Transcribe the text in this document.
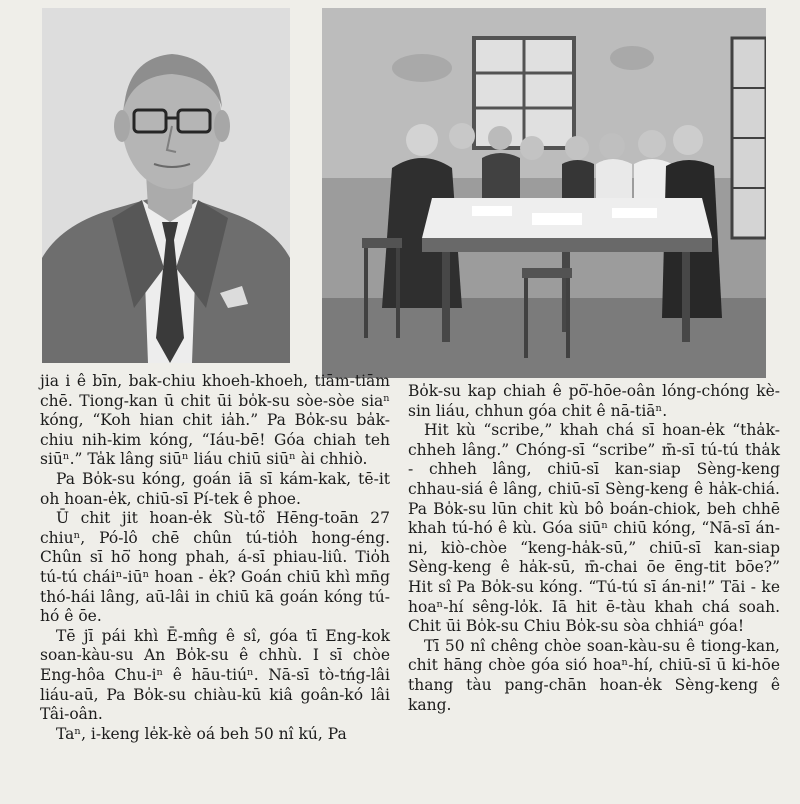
jia i ê bīn, bak-chiu khoeh-khoeh, tiām-tiām chē. Tiong-kan ū chit ūi bo̍k-su sòe-sòe siaⁿ kóng, “Koh hian chit ia̍h.” Pa Bo̍k-su ba̍k-chiu nih-kim kóng, “Iáu-bē! Góa chiah teh siūⁿ.” Ta̍k lâng siūⁿ liáu chiū siūⁿ ài chhiò.

Pa Bo̍k-su kóng, goán iā sī kám-kak, tē-it oh hoan-e̍k, chiū-sī Pí-tek ê phoe.

Ū chit jit hoan-e̍k Sù-tô͘ Hēng-toān 27 chiuⁿ, Pó-lô chē chûn tú-tio̍h hong-éng. Chûn sī hō͘ hong phah, á-sī phiau-liû. Tio̍h tú-tú cháiⁿ-iūⁿ hoan - e̍k? Goán chiū khì mn̄g thó-hái lâng, aū-lâi in chiū kā goán kóng tú-hó ê ōe.

Tē jī pái khì Ē-mn̂g ê sî, góa tī Eng-kok soan-kàu-su An Bo̍k-su ê chhù. I sī chòe Eng-hôa Chu-iⁿ ê hāu-tiúⁿ. Nā-sī tò-tńg-lâi liáu-aū, Pa Bo̍k-su chiàu-kū kiâ goân-kó lâi Tâi-oân.

Taⁿ, i-keng le̍k-kè oá beh 50 nî kú, Pa

Bo̍k-su kap chiah ê pō͘-hōe-oân lóng-chóng kè-sin liáu, chhun góa chit ê nā-tiāⁿ.

Hit kù “scribe,” khah chá sī hoan-e̍k “tha̍k-chheh lâng.” Chóng-sī “scribe” m̄-sī tú-tú tha̍k - chheh lâng, chiū-sī kan-siap Sèng-keng chhau-siá ê lâng, chiū-sī Sèng-keng ê ha̍k-chiá. Pa Bo̍k-su lūn chit kù bô boán-chiok, beh chhē khah tú-hó ê kù. Góa siūⁿ chiū kóng, “Nā-sī án-ni, kiò-chòe “keng-ha̍k-sū,” chiū-sī kan-siap Sèng-keng ê ha̍k-sū, m̄-chai ōe ēng-tit bōe?” Hit sî Pa Bo̍k-su kóng. “Tú-tú sī án-ni!” Tāi - ke hoaⁿ-hí sêng-lo̍k. Iā hit ē-tàu khah chá soah. Chit ūi Bo̍k-su Chiu Bo̍k-su sòa chhiáⁿ góa!

Tī 50 nî chêng chòe soan-kàu-su ê tiong-kan, chit hāng chòe góa sió hoaⁿ-hí, chiū-sī ū ki-hōe thang tàu pang-chān hoan-e̍k Sèng-keng ê kang.
